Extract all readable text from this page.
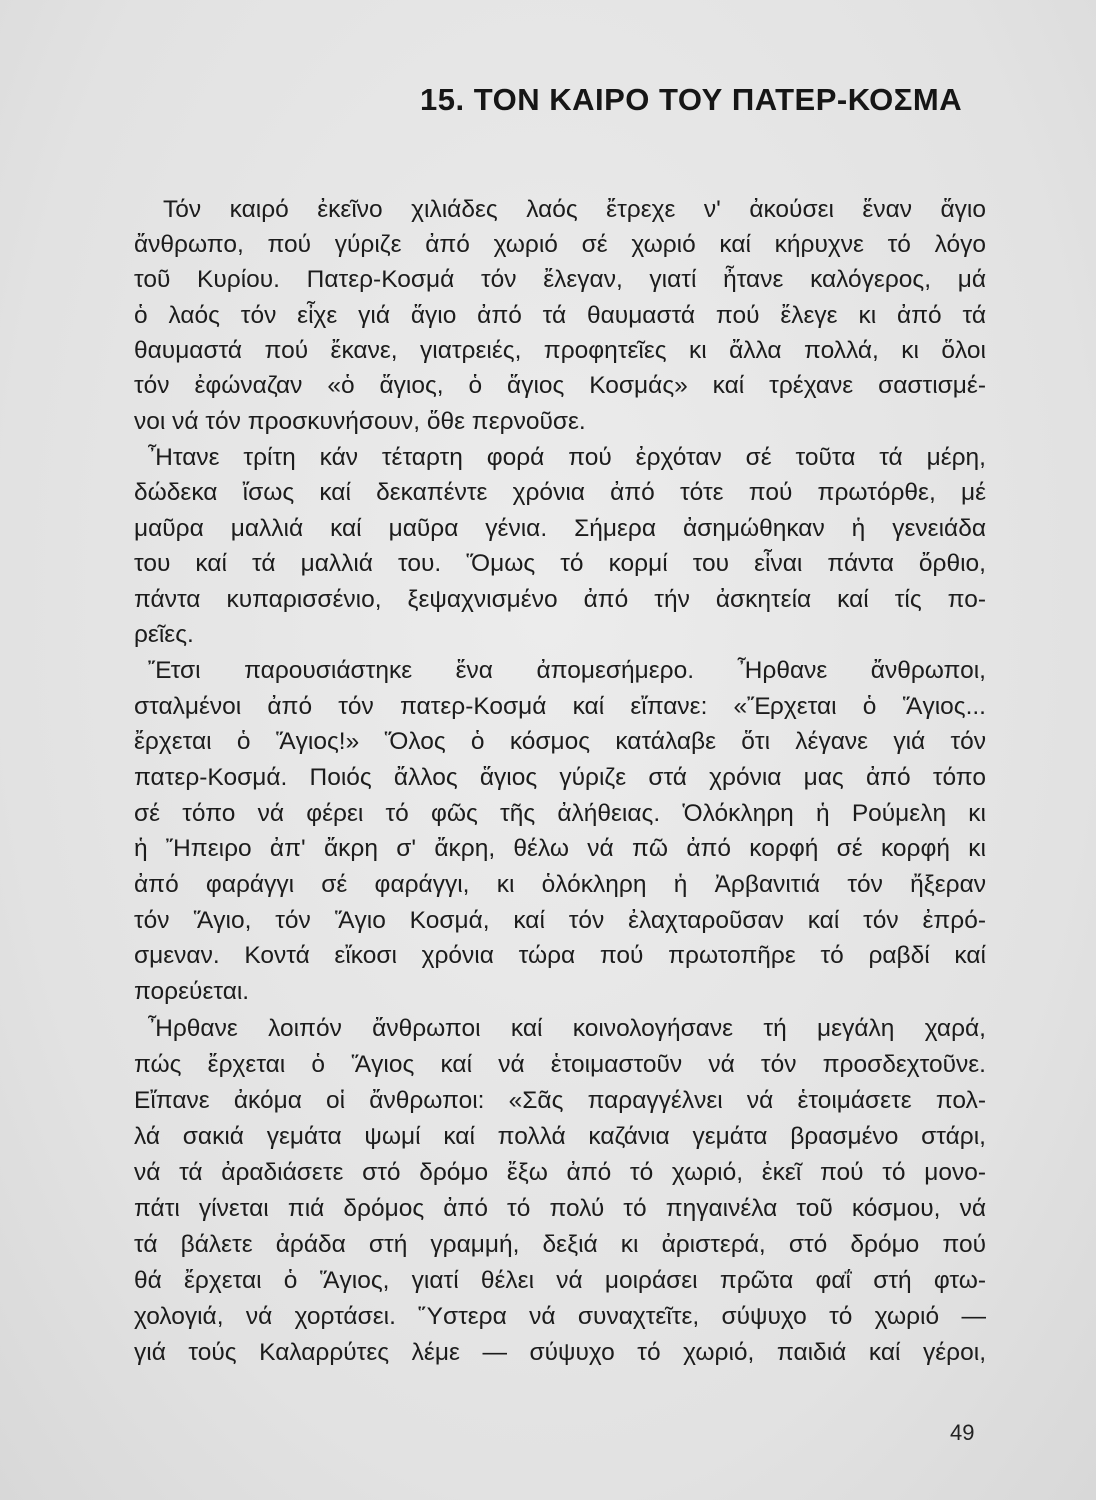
15. ΤΟΝ ΚΑΙΡΟ ΤΟΥ ΠΑΤΕΡ-ΚΟΣΜΑ
Τόν καιρό ἐκεῖνο χιλιάδες λαός ἔτρεχε ν' ἀκούσει ἕναν ἅγιο
ἄνθρωπο, πού γύριζε ἀπό χωριό σέ χωριό καί κήρυχνε τό λόγο
τοῦ Κυρίου. Πατερ-Κοσμά τόν ἔλεγαν, γιατί ἦτανε καλόγερος, μά
ὁ λαός τόν εἶχε γιά ἅγιο ἀπό τά θαυμαστά πού ἔλεγε κι ἀπό τά
θαυμαστά πού ἔκανε, γιατρειές, προφητεῖες κι ἄλλα πολλά, κι ὅλοι
τόν ἐφώναζαν «ὁ ἅγιος, ὁ ἅγιος Κοσμάς» καί τρέχανε σαστισμέ-
νοι νά τόν προσκυνήσουν, ὅθε περνοῦσε.
Ἦτανε τρίτη κάν τέταρτη φορά πού ἐρχόταν σέ τοῦτα τά μέρη,
δώδεκα ἴσως καί δεκαπέντε χρόνια ἀπό τότε πού πρωτόρθε, μέ
μαῦρα μαλλιά καί μαῦρα γένια. Σήμερα ἀσημώθηκαν ἡ γενειάδα
του καί τά μαλλιά του. Ὅμως τό κορμί του εἶναι πάντα ὄρθιο,
πάντα κυπαρισσένιο, ξεψαχνισμένο ἀπό τήν ἀσκητεία καί τίς πο-
ρεῖες.
Ἔτσι παρουσιάστηκε ἕνα ἀπομεσήμερο. Ἦρθανε ἄνθρωποι,
σταλμένοι ἀπό τόν πατερ-Κοσμά καί εἴπανε: «Ἔρχεται ὁ Ἅγιος...
ἔρχεται ὁ Ἅγιος!» Ὅλος ὁ κόσμος κατάλαβε ὅτι λέγανε γιά τόν
πατερ-Κοσμά. Ποιός ἄλλος ἅγιος γύριζε στά χρόνια μας ἀπό τόπο
σέ τόπο νά φέρει τό φῶς τῆς ἀλήθειας. Ὁλόκληρη ἡ Ρούμελη κι
ἡ Ἤπειρο ἀπ' ἄκρη σ' ἄκρη, θέλω νά πῶ ἀπό κορφή σέ κορφή κι
ἀπό φαράγγι σέ φαράγγι, κι ὁλόκληρη ἡ Ἀρβανιτιά τόν ἤξεραν
τόν Ἅγιο, τόν Ἅγιο Κοσμά, καί τόν ἐλαχταροῦσαν καί τόν ἐπρό-
σμεναν. Κοντά εἴκοσι χρόνια τώρα πού πρωτοπῆρε τό ραβδί καί
πορεύεται.
Ἦρθανε λοιπόν ἄνθρωποι καί κοινολογήσανε τή μεγάλη χαρά,
πώς ἔρχεται ὁ Ἅγιος καί νά ἑτοιμαστοῦν νά τόν προσδεχτοῦνε.
Εἴπανε ἀκόμα οἱ ἄνθρωποι: «Σᾶς παραγγέλνει νά ἑτοιμάσετε πολ-
λά σακιά γεμάτα ψωμί καί πολλά καζάνια γεμάτα βρασμένο στάρι,
νά τά ἀραδιάσετε στό δρόμο ἔξω ἀπό τό χωριό, ἐκεῖ πού τό μονο-
πάτι γίνεται πιά δρόμος ἀπό τό πολύ τό πηγαινέλα τοῦ κόσμου, νά
τά βάλετε ἀράδα στή γραμμή, δεξιά κι ἀριστερά, στό δρόμο πού
θά ἔρχεται ὁ Ἅγιος, γιατί θέλει νά μοιράσει πρῶτα φαΐ στή φτω-
χολογιά, νά χορτάσει. Ὕστερα νά συναχτεῖτε, σύψυχο τό χωριό —
γιά τούς Καλαρρύτες λέμε — σύψυχο τό χωριό, παιδιά καί γέροι,
49
